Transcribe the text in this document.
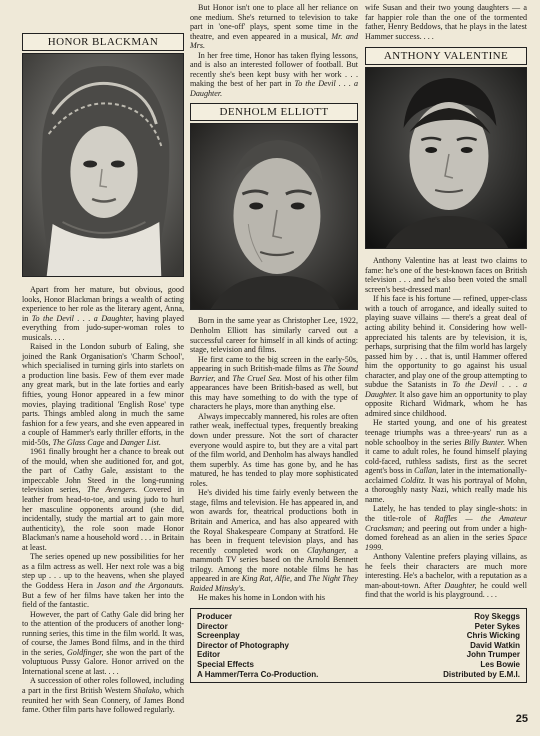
HONOR BLACKMAN

Apart from her mature, but obvious, good looks, Honor Blackman brings a wealth of acting experience to her role as the literary agent, Anna, in To the Devil . . . a Daughter, having played everything from judo-super-woman roles to musicals. . . .

Raised in the London suburb of Ealing, she joined the Rank Organisation's 'Charm School', which specialised in turning girls into starlets on a production line basis. Few of them ever made any great mark, but in the late forties and early fifties, young Honor appeared in a few minor movies, playing traditional 'English Rose' type parts. Things ambled along in much the same fashion for a few years, and she even appeared in a couple of Hammer's early thriller efforts, in the mid-50s, The Glass Cage and Danger List.

1961 finally brought her a chance to break out of the mould, when she auditioned for, and got, the part of Cathy Gale, assistant to the impeccable John Steed in the long-running television series, The Avengers. Covered in leather from head-to-toe, and using judo to hurl her masculine opponents around (she did, incidentally, study the martial art to gain more authenticity), the role soon made Honor Blackman's name a household word . . . in Britain at least.

The series opened up new possibilities for her as a film actress as well. Her next role was a big step up . . . up to the heavens, when she played the Goddess Hera in Jason and the Argonauts. But a few of her films have taken her into the field of the fantastic.

However, the part of Cathy Gale did bring her to the attention of the producers of another long-running series, this time in the film world. It was, of course, the James Bond films, and in the third in the series, Goldfinger, she won the part of the voluptuous Pussy Galore. Honor arrived on the International scene at last. . . .

A succession of other roles followed, including a part in the first British Western Shalako, which reunited her with Sean Connery, of James Bond fame. Other film parts have followed regularly.

But Honor isn't one to place all her reliance on one medium. She's returned to television to take part in 'one-off' plays, spent some time in the theatre, and even appeared in a musical, Mr. and Mrs.

In her free time, Honor has taken flying lessons, and is also an interested follower of football. But recently she's been kept busy with her work . . . making the best of her part in To the Devil . . . a Daughter.

DENHOLM ELLIOTT

Born in the same year as Christopher Lee, 1922, Denholm Elliott has similarly carved out a successful career for himself in all kinds of acting: stage, television and films.

He first came to the big screen in the early-50s, appearing in such British-made films as The Sound Barrier, and The Cruel Sea. Most of his other film appearances have been British-based as well, but this may have something to do with the type of characters he plays, more than anything else.

Always impeccably mannered, his roles are often rather weak, ineffectual types, frequently breaking down under pressure. Not the sort of character everyone would aspire to, but they are a vital part of the film world, and Denholm has always handled them superbly. As time has gone by, and he has matured, he has tended to play more sophisticated roles.

He's divided his time fairly evenly between the stage, films and television. He has appeared in, and won awards for, theatrical productions both in Britain and America, and has also appeared with the Royal Shakespeare Company at Stratford. He has been in frequent television plays, and has recently completed work on Clayhanger, a mammoth TV series based on the Arnold Bennett trilogy. Among the more notable films he has appeared in are King Rat, Alfie, and The Night They Raided Minsky's.

He makes his home in London with his

wife Susan and their two young daughters — a far happier role than the one of the tormented father, Henry Beddows, that he plays in the latest Hammer success. . . .

ANTHONY VALENTINE

Anthony Valentine has at least two claims to fame: he's one of the best-known faces on British television . . . and he's also been voted the small screen's best-dressed man!

If his face is his fortune — refined, upper-class with a touch of arrogance, and ideally suited to playing suave villains — there's a great deal of acting ability behind it. Considering how well-appreciated his talents are by television, it is, perhaps, surprising that the film world has largely passed him by . . . that is, until Hammer offered him the opportunity to go against his usual character, and play one of the group attempting to subdue the Satanists in To the Devil . . . a Daughter. It also gave him an opportunity to play opposite Richard Widmark, whom he has admired since childhood.

He started young, and one of his greatest teenage triumphs was a three-years' run as a noble schoolboy in the series Billy Bunter. When it came to adult roles, he found himself playing cold-faced, ruthless sadists, first as the secret agent's boss in Callan, later in the internationally-acclaimed Colditz. It was his portrayal of Mohn, a thoroughly nasty Nazi, which really made his name.

Lately, he has tended to play single-shots: in the title-role of Raffles — the Amateur Cracksman; and peering out from under a high-domed forehead as an alien in the series Space 1999.

Anthony Valentine prefers playing villains, as he feels their characters are much more interesting. He's a bachelor, with a reputation as a man-about-town. After Daughter, he could well find that the world is his playground. . . .

Producer	Roy Skeggs
Director	Peter Sykes
Screenplay	Chris Wicking
Director of Photography	David Watkin
Editor	John Trumper
Special Effects	Les Bowie
A Hammer/Terra Co-Production.	Distributed by E.M.I.
25
